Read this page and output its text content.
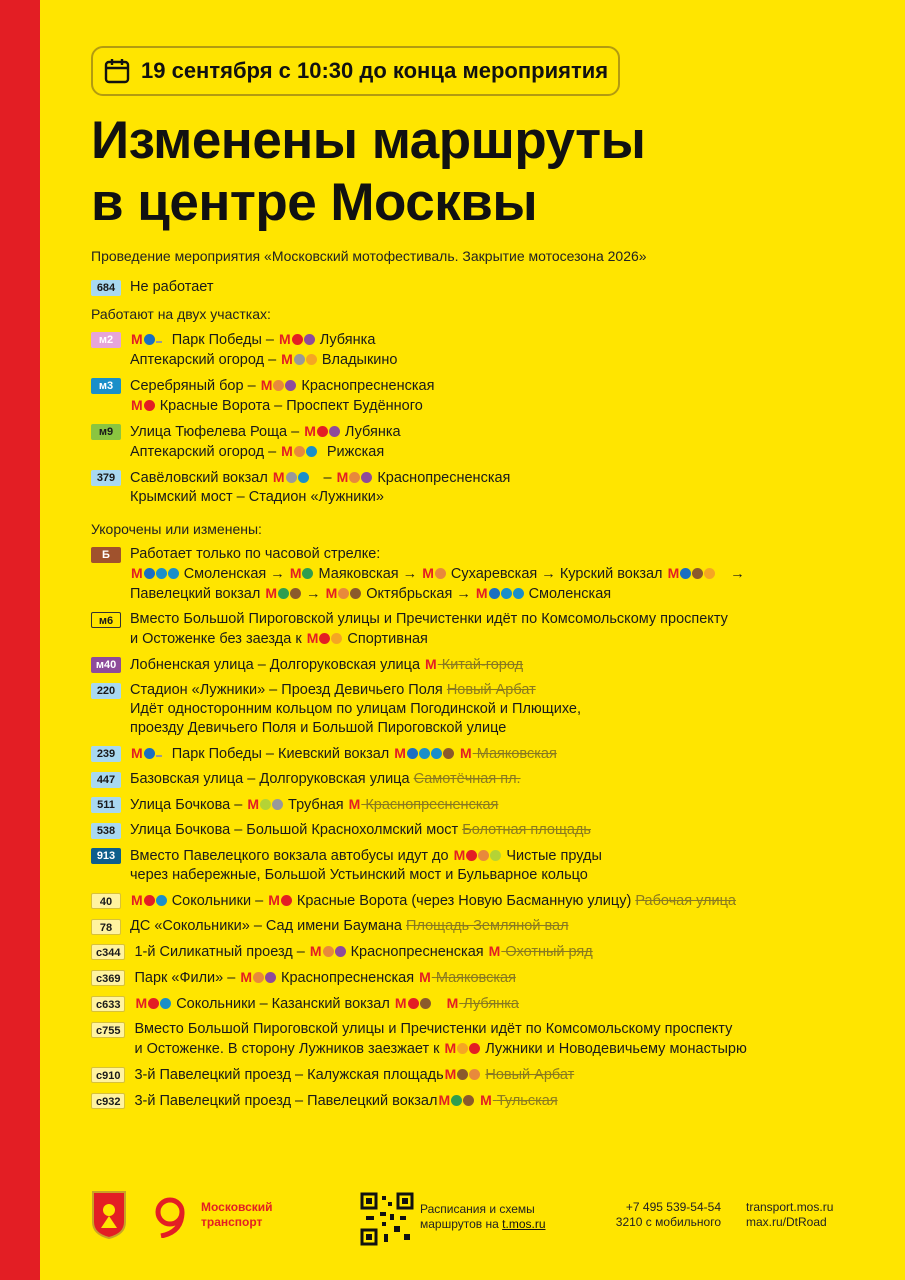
19 сентября с 10:30 до конца мероприятия
Изменены маршруты
в центре Москвы
Проведение мероприятия «Московский мотофестиваль. Закрытие мотосезона 2026»
684	Не работает
Работают на двух участках:
м2	М Парк Победы – М Лубянка
Аптекарский огород – М Владыкино
м3	Серебряный бор – М Краснопресненская
М Красные Ворота – Проспект Будённого
м9	Улица Тюфелева Роща – М Лубянка
Аптекарский огород – М Рижская
379	Савёловский вокзал М	– М Краснопресненская
Крымский мост – Стадион «Лужники»
Укорочены или изменены:
Б	Работает только по часовой стрелке:
М	Смоленская → М Маяковская → М Сухаревская → Курский вокзал М	→
Павелецкий вокзал М → М Октябрьская → М	Смоленская
м6	Вместо Большой Пироговской улицы и Пречистенки идёт по Комсомольскому проспекту
и Остоженке без заезда к М Спортивная
м40 Лобненская улица – Долгоруковская улица М Китай-город
220	Стадион «Лужники» – Проезд Девичьего Поля Новый Арбат
Идёт односторонним кольцом по улицам Погодинской и Плющихе,
проезду Девичьего Поля и Большой Пироговской улице
239	М Парк Победы – Киевский вокзал М	М Маяковская
447	Базовская улица – Долгоруковская улица Самотёчная пл.
511	Улица Бочкова – М Трубная М Краснопресненская
538	Улица Бочкова – Большой Краснохолмский мост Болотная площадь
913	Вместо Павелецкого вокзала автобусы идут до М	Чистые пруды
через набережные, Большой Устьинский мост и Бульварное кольцо
40	М Сокольники – М Красные Ворота (через Новую Басманную улицу) Рабочая улица
78	ДС «Сокольники» – Сад имени Баумана Площадь Земляной вал
с344 1-й Силикатный проезд – М Краснопресненская М Охотный ряд
с369 Парк «Фили» – М Краснопресненская М Маяковская
с633	М Сокольники – Казанский вокзал М	М Лубянка
с755 Вместо Большой Пироговской улицы и Пречистенки идёт по Комсомольскому проспекту
и Остоженке. В сторону Лужников заезжает к М Лужники и Новодевичьему монастырю
с910 3-й Павелецкий проезд – Калужская площадьМ Новый Арбат
с932 3-й Павелецкий проезд – Павелецкий вокзалМ М Тульская
Московский
транспорт
Расписания и схемы
маршрутов на t.mos.ru
+7 495 539-54-54
3210 с мобильного
transport.mos.ru
max.ru/DtRoad
